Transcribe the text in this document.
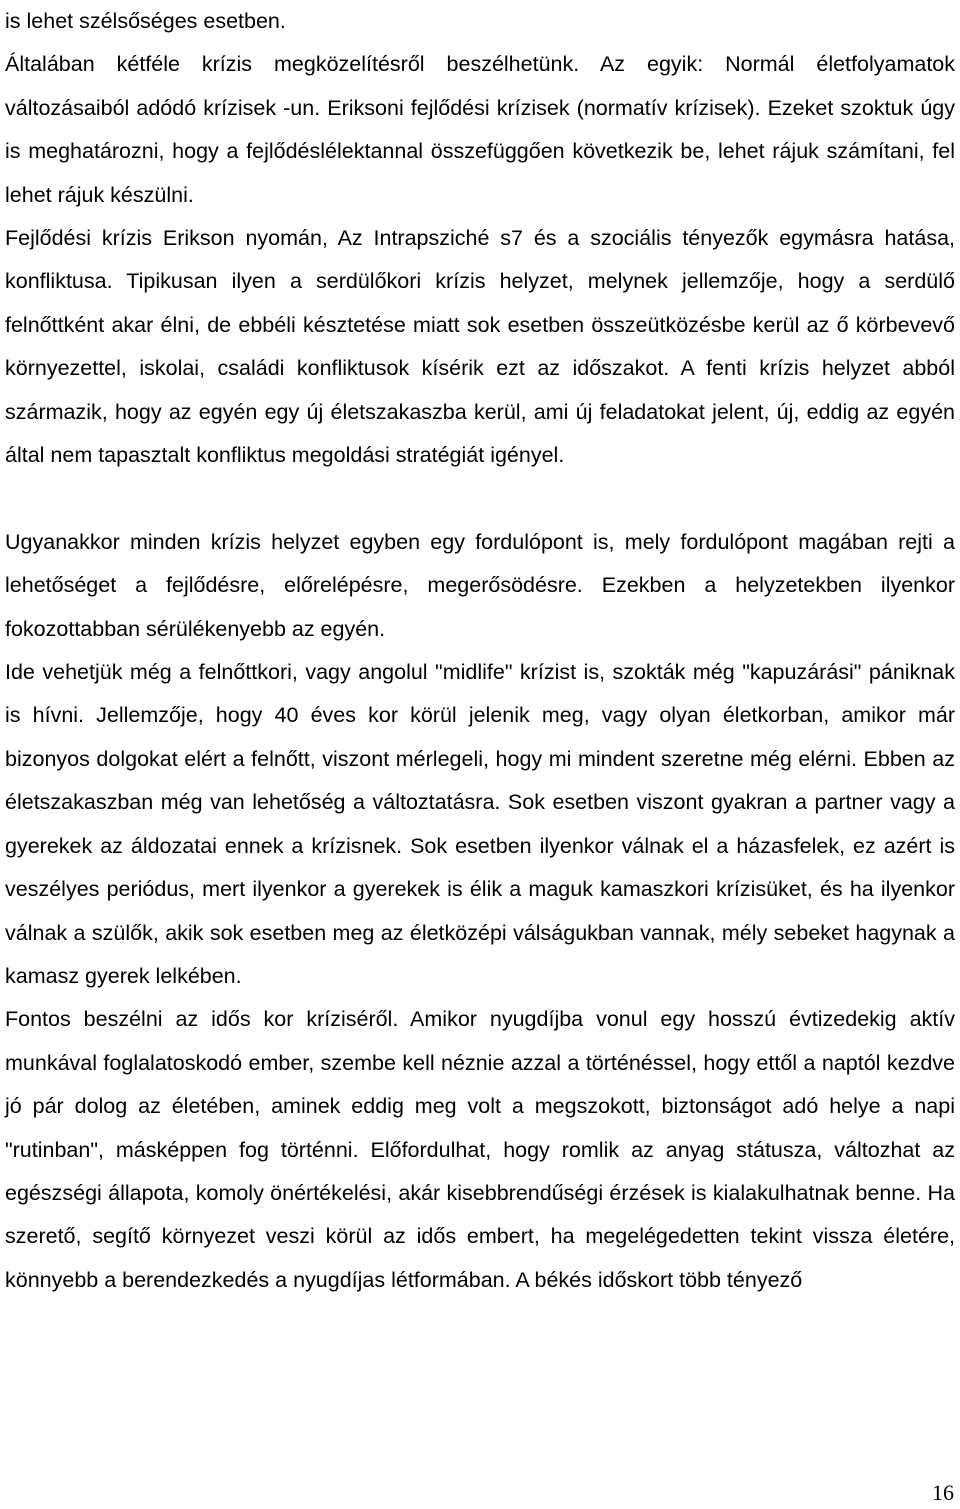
is lehet szélsőséges esetben.

Általában kétféle krízis megközelítésről beszélhetünk. Az egyik: Normál életfolyamatok változásaiból adódó krízisek -un. Eriksoni fejlődési krízisek (normatív krízisek). Ezeket szoktuk úgy is meghatározni, hogy a fejlődéslélektannal összefüggően következik be, lehet rájuk számítani, fel lehet rájuk készülni.

Fejlődési krízis Erikson nyomán, Az Intrapsziché s7 és a szociális tényezők egymásra hatása, konfliktusa. Tipikusan ilyen a serdülőkori krízis helyzet, melynek jellemzője, hogy a serdülő felnőttként akar élni, de ebbéli késztetése miatt sok esetben összeütközésbe kerül az ő körbevevő környezettel, iskolai, családi konfliktusok kísérik ezt az időszakot. A fenti krízis helyzet abból származik, hogy az egyén egy új életszakaszba kerül, ami új feladatokat jelent, új, eddig az egyén által nem tapasztalt konfliktus megoldási stratégiát igényel.

Ugyanakkor minden krízis helyzet egyben egy fordulópont is, mely fordulópont magában rejti a lehetőséget a fejlődésre, előrelépésre, megerősödésre. Ezekben a helyzetekben ilyenkor fokozottabban sérülékenyebb az egyén.

Ide vehetjük még a felnőttkori, vagy angolul "midlife" krízist is, szokták még "kapuzárási" pániknak is hívni. Jellemzője, hogy 40 éves kor körül jelenik meg, vagy olyan életkorban, amikor már bizonyos dolgokat elért a felnőtt, viszont mérlegeli, hogy mi mindent szeretne még elérni. Ebben az életszakaszban még van lehetőség a változtatásra. Sok esetben viszont gyakran a partner vagy a gyerekek az áldozatai ennek a krízisnek. Sok esetben ilyenkor válnak el a házasfelek, ez azért is veszélyes periódus, mert ilyenkor a gyerekek is élik a maguk kamaszkori krízisüket, és ha ilyenkor válnak a szülők, akik sok esetben meg az életközépi válságukban vannak, mély sebeket hagynak a kamasz gyerek lelkében.

Fontos beszélni az idős kor kríziséről. Amikor nyugdíjba vonul egy hosszú évtizedekig aktív munkával foglalatoskodó ember, szembe kell néznie azzal a történéssel, hogy ettől a naptól kezdve jó pár dolog az életében, aminek eddig meg volt a megszokott, biztonságot adó helye a napi "rutinban", másképpen fog történni. Előfordulhat, hogy romlik az anyag státusza, változhat az egészségi állapota, komoly önértékelési, akár kisebbrendűségi érzések is kialakulhatnak benne. Ha szerető, segítő környezet veszi körül az idős embert, ha megelégedetten tekint vissza életére, könnyebb a berendezkedés a nyugdíjas létformában. A békés időskort több tényező

16
